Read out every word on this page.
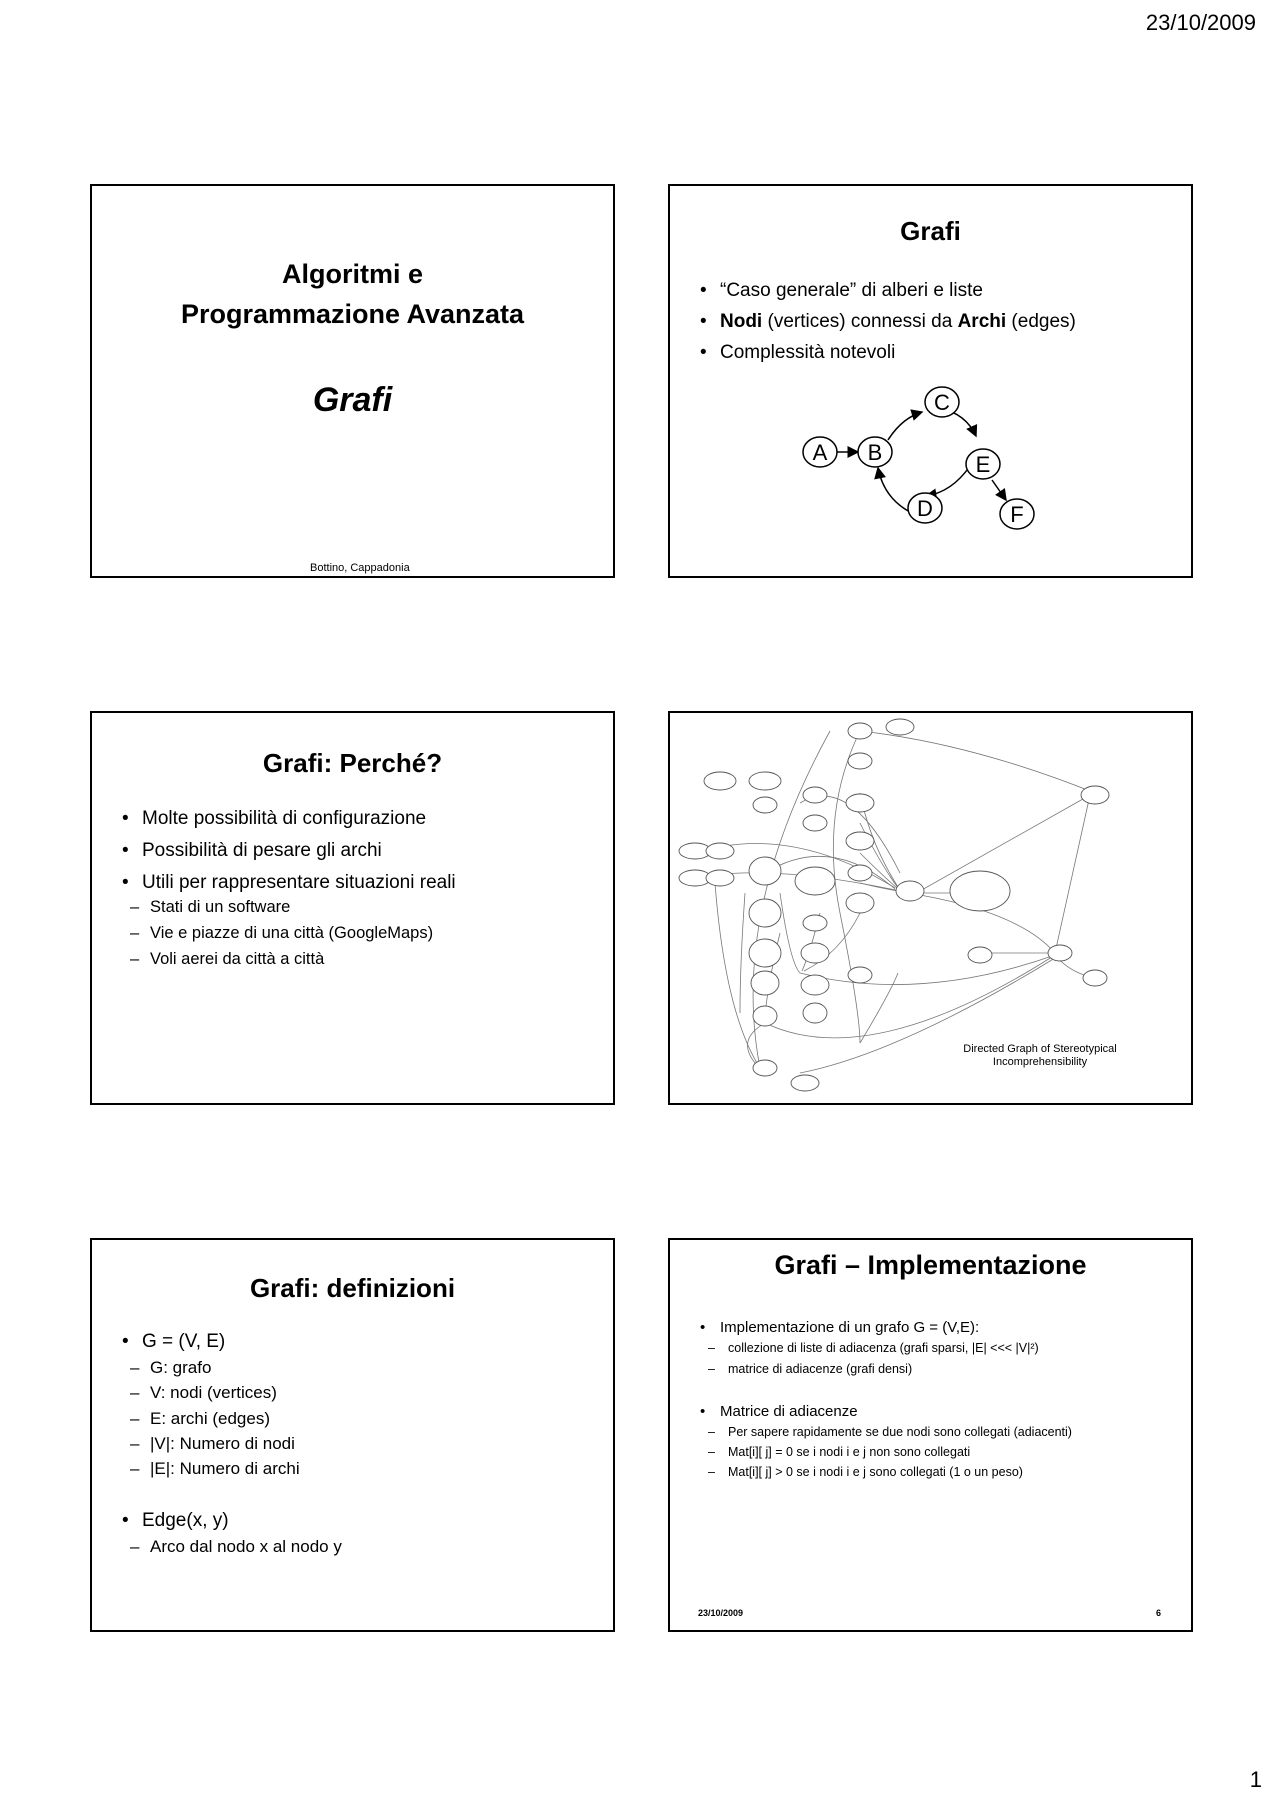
23/10/2009
Algoritmi e
Programmazione Avanzata
Grafi
Bottino, Cappadonia
Grafi
• “Caso generale” di alberi e liste
• Nodi (vertices) connessi da Archi (edges)
• Complessità notevoli
A B
C
E
D	F
Grafi: Perché?
• Molte possibilità di configurazione
• Possibilità di pesare gli archi
• Utili per rappresentare situazioni reali
– Stati di un software
– Vie e piazze di una città (GoogleMaps)
– Voli aerei da città a città
Directed Graph of Stereotypical
Incomprehensibility
Grafi: definizioni
• G = (V, E)
– G: grafo
– V: nodi (vertices)
– E: archi (edges)
– |V|: Numero di nodi
– |E|: Numero di archi
• Edge(x, y)
– Arco dal nodo x al nodo y
Grafi – Implementazione
• Implementazione di un grafo G = (V,E):
– collezione di liste di adiacenza (grafi sparsi, |E| <<< |V|²)
– matrice di adiacenze (grafi densi)
• Matrice di adiacenze
– Per sapere rapidamente se due nodi sono collegati (adiacenti)
– Mat[i][ j] = 0 se i nodi i e j non sono collegati
– Mat[i][ j] > 0 se i nodi i e j sono collegati (1 o un peso)
23/10/2009	6
1
